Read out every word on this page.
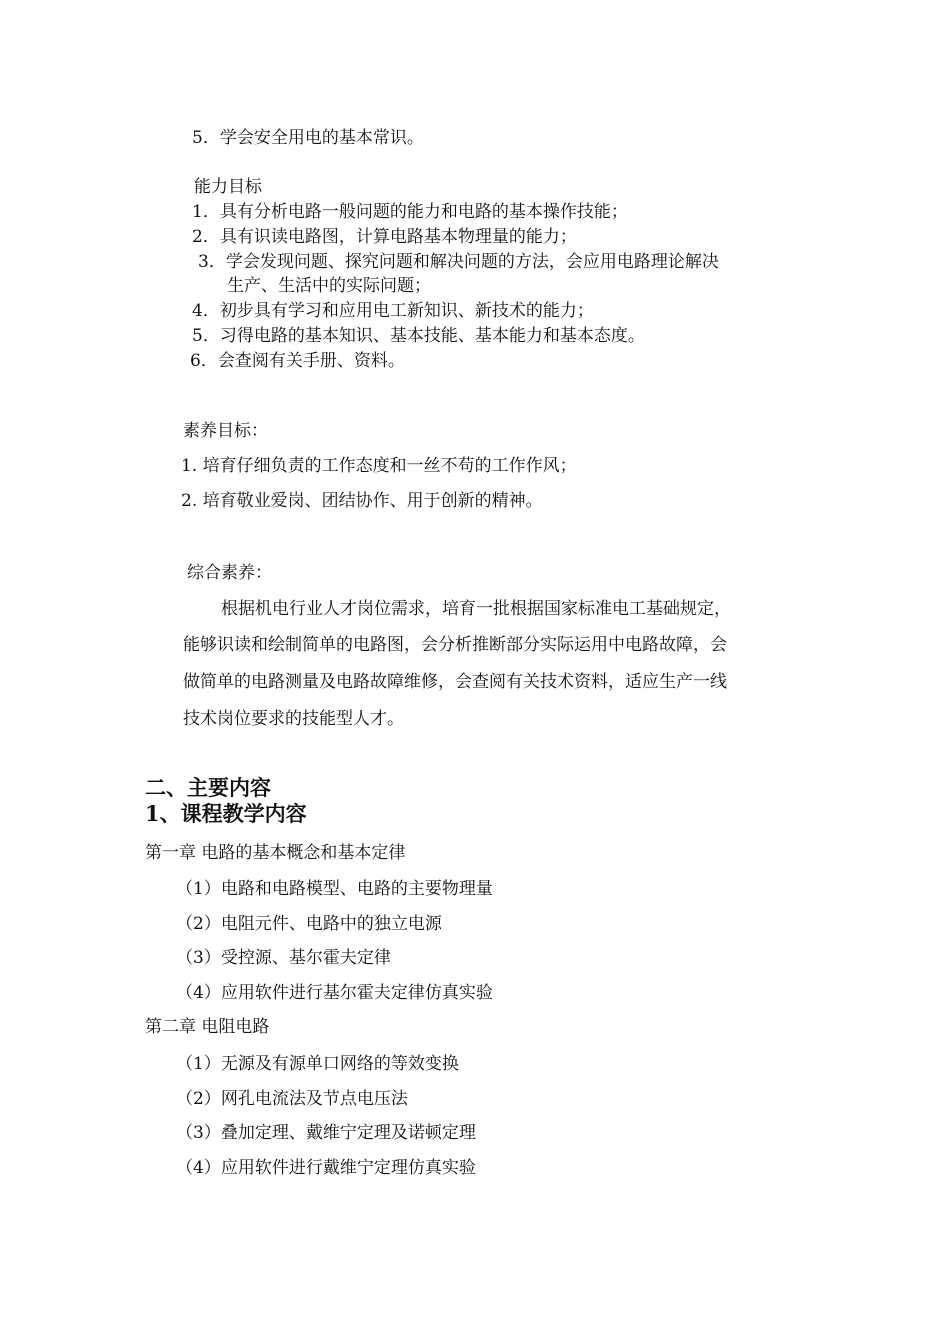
5．学会安全用电的基本常识。
能力目标
1．具有分析电路一般问题的能力和电路的基本操作技能；
2．具有识读电路图，计算电路基本物理量的能力；
3．学会发现问题、探究问题和解决问题的方法，会应用电路理论解决
生产、生活中的实际问题；
4．初步具有学习和应用电工新知识、新技术的能力；
5．习得电路的基本知识、基本技能、基本能力和基本态度。
6．会查阅有关手册、资料。
素养目标：
1. 培育仔细负责的工作态度和一丝不苟的工作作风；
2. 培育敬业爱岗、团结协作、用于创新的精神。
综合素养：
根据机电行业人才岗位需求，培育一批根据国家标准电工基础规定，
能够识读和绘制简单的电路图，会分析推断部分实际运用中电路故障，会
做简单的电路测量及电路故障维修，会查阅有关技术资料，适应生产一线
技术岗位要求的技能型人才。
二、主要内容
1、课程教学内容
第一章 电路的基本概念和基本定律
（1）电路和电路模型、电路的主要物理量
（2）电阻元件、电路中的独立电源
（3）受控源、基尔霍夫定律
（4）应用软件进行基尔霍夫定律仿真实验
第二章 电阻电路
（1）无源及有源单口网络的等效变换
（2）网孔电流法及节点电压法
（3）叠加定理、戴维宁定理及诺顿定理
（4）应用软件进行戴维宁定理仿真实验
